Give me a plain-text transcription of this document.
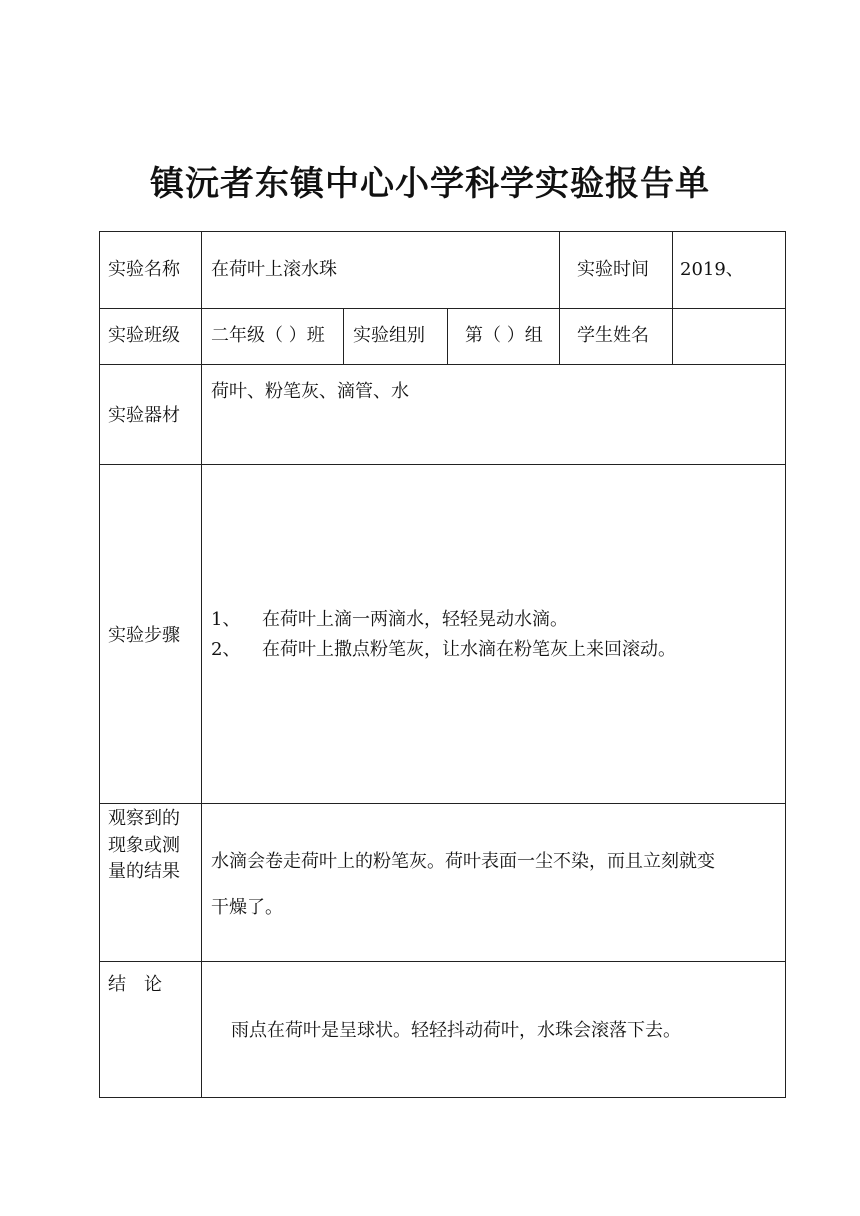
镇沅者东镇中心小学科学实验报告单
实验名称 在荷叶上滚水珠	实验时间 2019、
实验班级 二年级（ ）班 实验组别 第（ ）组 学生姓名
实验器材
荷叶、粉笔灰、滴管、水
实验步骤
1、 在荷叶上滴一两滴水，轻轻晃动水滴。
2、 在荷叶上撒点粉笔灰，让水滴在粉笔灰上来回滚动。
观察到的
现象或测
量的结果 水滴会卷走荷叶上的粉笔灰。荷叶表面一尘不染，而且立刻就变
干燥了。
结　论
雨点在荷叶是呈球状。轻轻抖动荷叶，水珠会滚落下去。
